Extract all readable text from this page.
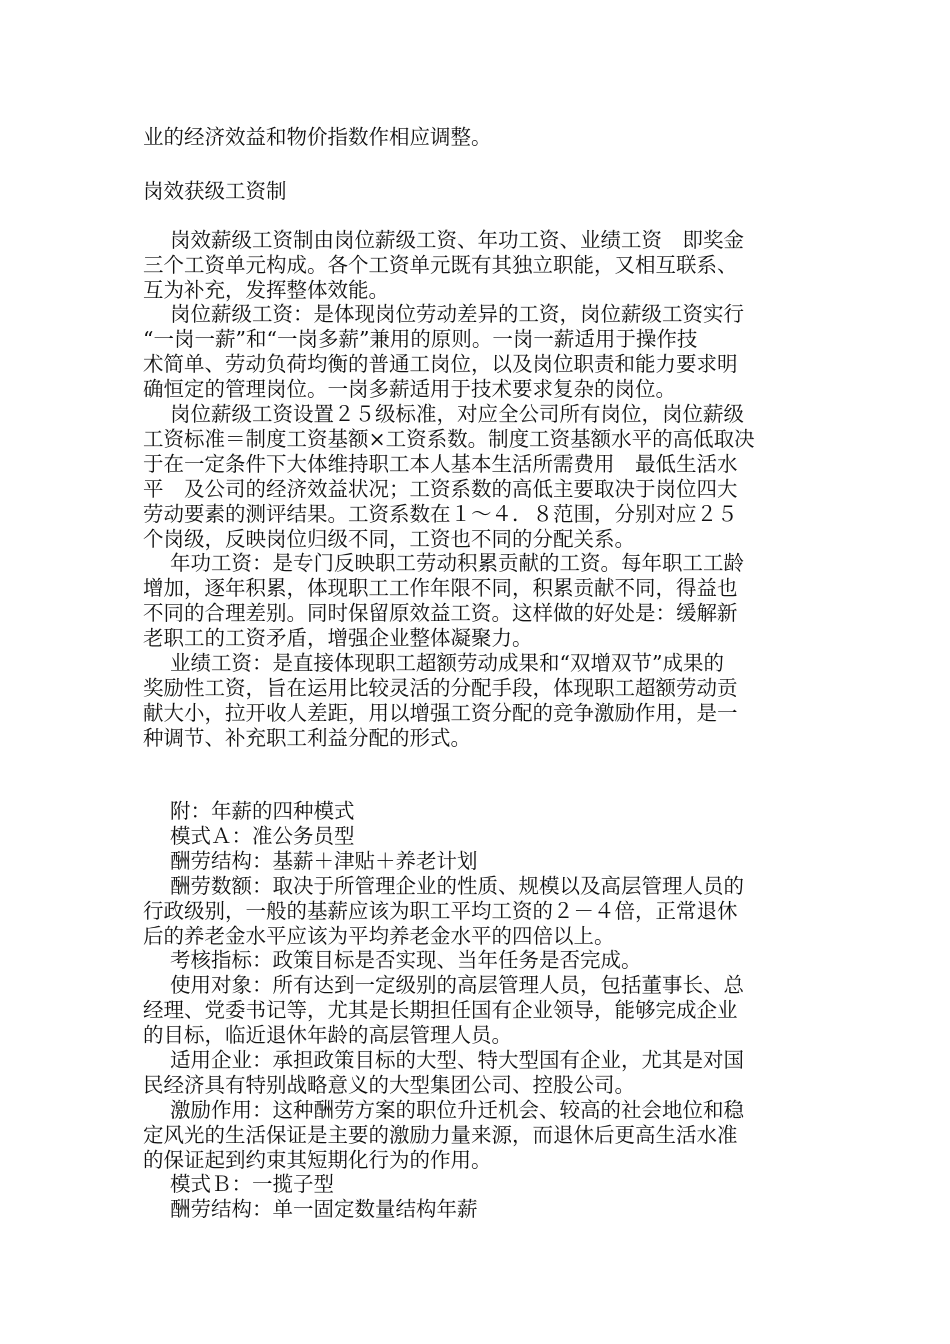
业的经济效益和物价指数作相应调整。
岗效获级工资制
岗效薪级工资制由岗位薪级工资、年功工资、业绩工资　即奖金
三个工资单元构成。各个工资单元既有其独立职能，又相互联系、
互为补充，发挥整体效能。
岗位薪级工资：是体现岗位劳动差异的工资，岗位薪级工资实行
“一岗一薪”和“一岗多薪”兼用的原则。一岗一薪适用于操作技
术简单、劳动负荷均衡的普通工岗位，以及岗位职责和能力要求明
确恒定的管理岗位。一岗多薪适用于技术要求复杂的岗位。
岗位薪级工资设置２５级标准，对应全公司所有岗位，岗位薪级
工资标准＝制度工资基额×工资系数。制度工资基额水平的高低取决
于在一定条件下大体维持职工本人基本生活所需费用　最低生活水
平　及公司的经济效益状况；工资系数的高低主要取决于岗位四大
劳动要素的测评结果。工资系数在１～４．８范围，分别对应２５
个岗级，反映岗位归级不同，工资也不同的分配关系。
年功工资：是专门反映职工劳动积累贡献的工资。每年职工工龄
增加，逐年积累，体现职工工作年限不同，积累贡献不同，得益也
不同的合理差别。同时保留原效益工资。这样做的好处是：缓解新
老职工的工资矛盾，增强企业整体凝聚力。
业绩工资：是直接体现职工超额劳动成果和“双增双节”成果的
奖励性工资，旨在运用比较灵活的分配手段，体现职工超额劳动贡
献大小，拉开收人差距，用以增强工资分配的竞争激励作用，是一
种调节、补充职工利益分配的形式。
附：年薪的四种模式
模式Ａ：准公务员型
酬劳结构：基薪＋津贴＋养老计划
酬劳数额：取决于所管理企业的性质、规模以及高层管理人员的
行政级别，一般的基薪应该为职工平均工资的２－４倍，正常退休
后的养老金水平应该为平均养老金水平的四倍以上。
考核指标：政策目标是否实现、当年任务是否完成。
使用对象：所有达到一定级别的高层管理人员，包括董事长、总
经理、党委书记等，尤其是长期担任国有企业领导，能够完成企业
的目标，临近退休年龄的高层管理人员。
适用企业：承担政策目标的大型、特大型国有企业，尤其是对国
民经济具有特别战略意义的大型集团公司、控股公司。
激励作用：这种酬劳方案的职位升迁机会、较高的社会地位和稳
定风光的生活保证是主要的激励力量来源，而退休后更高生活水准
的保证起到约束其短期化行为的作用。
模式Ｂ：一揽子型
酬劳结构：单一固定数量结构年薪
